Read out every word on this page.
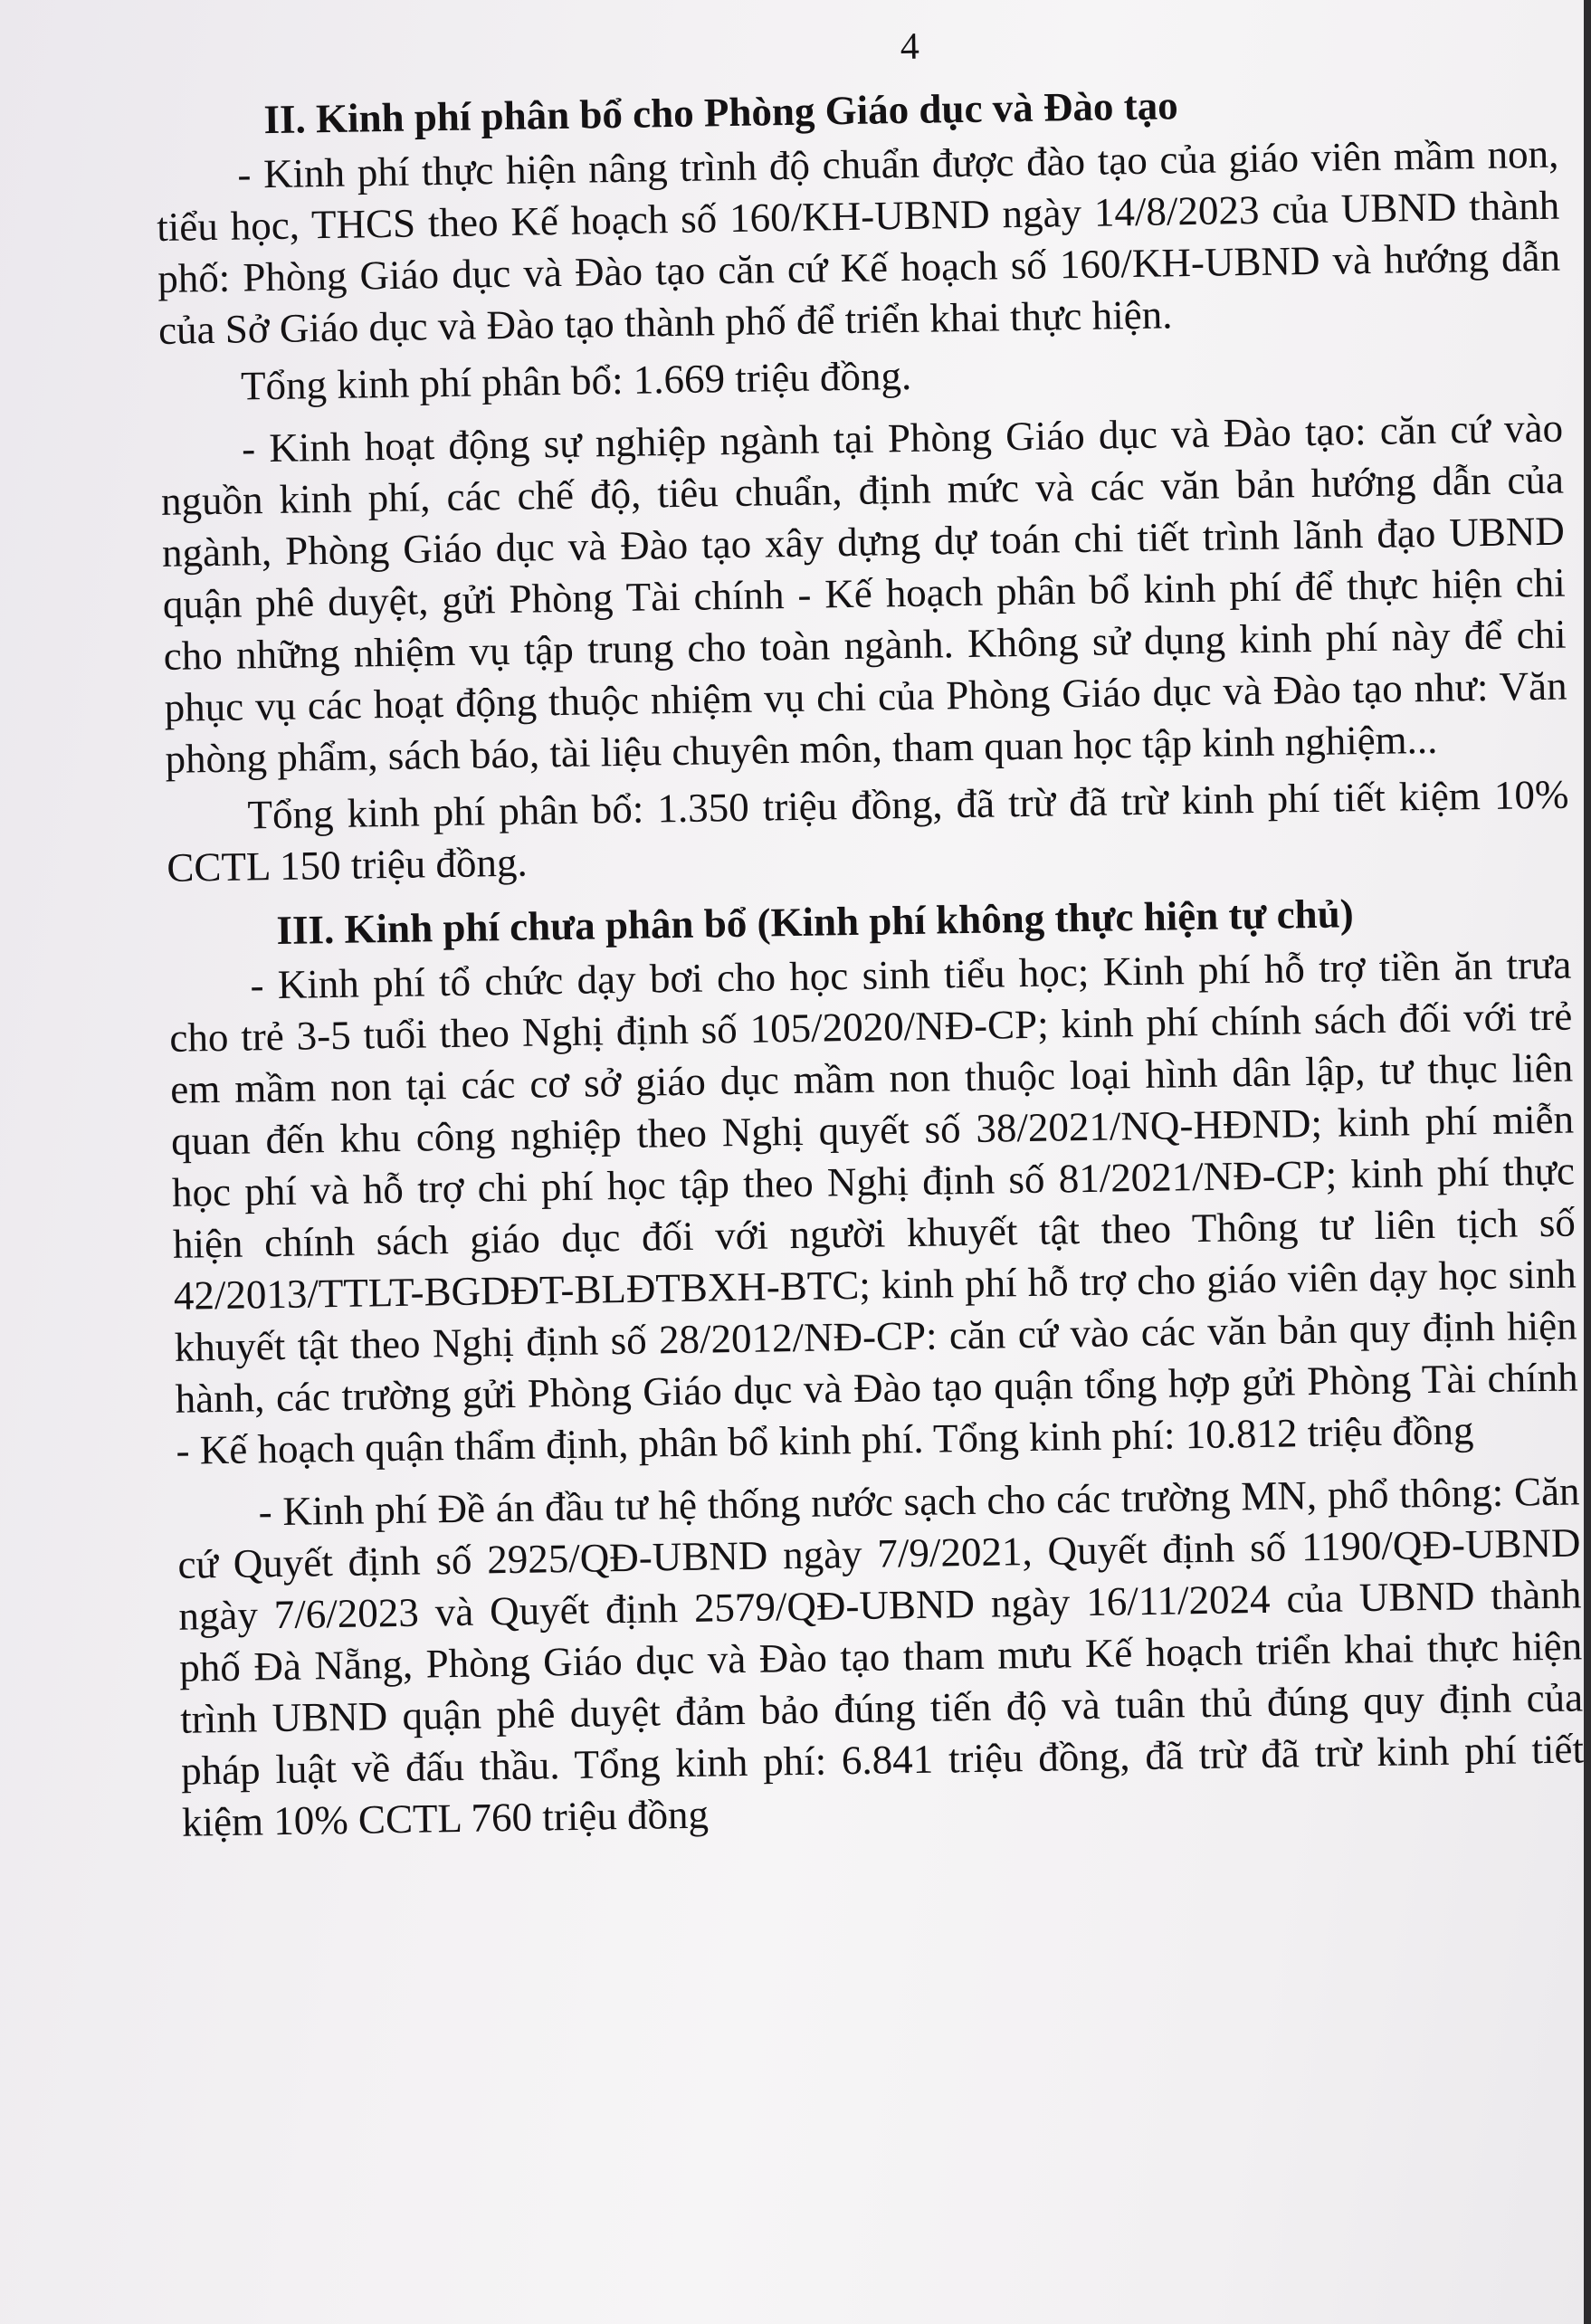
4
II. Kinh phí phân bổ cho Phòng Giáo dục và Đào tạo

- Kinh phí thực hiện nâng trình độ chuẩn được đào tạo của giáo viên mầm non, tiểu học, THCS theo Kế hoạch số 160/KH-UBND ngày 14/8/2023 của UBND thành phố: Phòng Giáo dục và Đào tạo căn cứ Kế hoạch số 160/KH-UBND và hướng dẫn của Sở Giáo dục và Đào tạo thành phố để triển khai thực hiện.

Tổng kinh phí phân bổ: 1.669 triệu đồng.

- Kinh hoạt động sự nghiệp ngành tại Phòng Giáo dục và Đào tạo: căn cứ vào nguồn kinh phí, các chế độ, tiêu chuẩn, định mức và các văn bản hướng dẫn của ngành, Phòng Giáo dục và Đào tạo xây dựng dự toán chi tiết trình lãnh đạo UBND quận phê duyệt, gửi Phòng Tài chính - Kế hoạch phân bổ kinh phí để thực hiện chi cho những nhiệm vụ tập trung cho toàn ngành. Không sử dụng kinh phí này để chi phục vụ các hoạt động thuộc nhiệm vụ chi của Phòng Giáo dục và Đào tạo như: Văn phòng phẩm, sách báo, tài liệu chuyên môn, tham quan học tập kinh nghiệm...

Tổng kinh phí phân bổ: 1.350 triệu đồng, đã trừ đã trừ kinh phí tiết kiệm 10% CCTL 150 triệu đồng.

III. Kinh phí chưa phân bổ (Kinh phí không thực hiện tự chủ)

- Kinh phí tổ chức dạy bơi cho học sinh tiểu học; Kinh phí hỗ trợ tiền ăn trưa cho trẻ 3-5 tuổi theo Nghị định số 105/2020/NĐ-CP; kinh phí chính sách đối với trẻ em mầm non tại các cơ sở giáo dục mầm non thuộc loại hình dân lập, tư thục liên quan đến khu công nghiệp theo Nghị quyết số 38/2021/NQ-HĐND; kinh phí miễn học phí và hỗ trợ chi phí học tập theo Nghị định số 81/2021/NĐ-CP; kinh phí thực hiện chính sách giáo dục đối với người khuyết tật theo Thông tư liên tịch số 42/2013/TTLT-BGDĐT-BLĐTBXH-BTC; kinh phí hỗ trợ cho giáo viên dạy học sinh khuyết tật theo Nghị định số 28/2012/NĐ-CP: căn cứ vào các văn bản quy định hiện hành, các trường gửi Phòng Giáo dục và Đào tạo quận tổng hợp gửi Phòng Tài chính - Kế hoạch quận thẩm định, phân bổ kinh phí. Tổng kinh phí: 10.812 triệu đồng

- Kinh phí Đề án đầu tư hệ thống nước sạch cho các trường MN, phổ thông: Căn cứ Quyết định số 2925/QĐ-UBND ngày 7/9/2021, Quyết định số 1190/QĐ-UBND ngày 7/6/2023 và Quyết định 2579/QĐ-UBND ngày 16/11/2024 của UBND thành phố Đà Nẵng, Phòng Giáo dục và Đào tạo tham mưu Kế hoạch triển khai thực hiện trình UBND quận phê duyệt đảm bảo đúng tiến độ và tuân thủ đúng quy định của pháp luật về đấu thầu. Tổng kinh phí: 6.841 triệu đồng, đã trừ đã trừ kinh phí tiết kiệm 10% CCTL 760 triệu đồng
